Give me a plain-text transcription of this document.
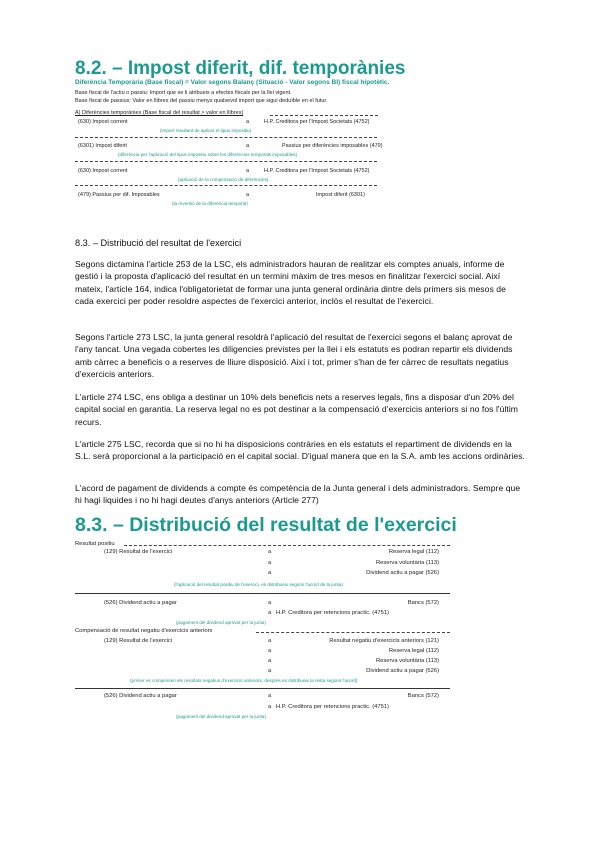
8.2. – Impost diferit, dif. temporànies
Diferència Temporària (Base fiscal) = Valor segons Balanç (Situació - Valor segons BI) fiscal hipotètic.
Base fiscal de l'actiu o passiu: Import que se li atribueix a efectes fiscals per la llei vigent.
Base fiscal de passius: Valor en llibres del passiu menys qualsevol import que sigui deduïble en el futur.
A) Diferències temporànies (Base fiscal del resultat > valor en llibres)
(630) Impost corrent	a	H.P. Creditora per l'Impost Societats (4752)
(import resultant de aplicar el tipus impositiu)
(6301) Impost diferit	a	Passius per diferències imposables (479)
(diferència per l'aplicació del tipus impositiu sobre les diferències temporals imposables)
(630) Impost corrent	a	H.P. Creditora per l'Impost Societats (4752)
(aplicació de la compensació de diferències)
(479) Passius per dif. Imposables	a	Impost diferit (6301)
(la reversió de la diferència temporal)
8.3. – Distribució del resultat de l'exercici
Segons dictamina l'article 253 de la LSC, els administradors hauran de realitzar els comptes anuals, informe de gestió i la proposta d'aplicació del resultat en un termini màxim de tres mesos en finalitzar l'exercici social. Així mateix, l'article 164, indica l'obligatorietat de formar una junta general ordinària dintre dels primers sis mesos de cada exercici per poder resoldre aspectes de l'exercici anterior, inclòs el resultat de l'exercici.
Segons l'article 273 LSC, la junta general resoldrà l'aplicació del resultat de l'exercici segons el balanç aprovat de l'any tancat. Una vegada cobertes les diligencies previstes per la llei i els estatuts es podran repartir els dividends amb càrrec a beneficis o a reserves de lliure disposició. Així i tot, primer s'han de fer càrrec de resultats negatius d'exercicis anteriors.
L'article 274 LSC, ens obliga a destinar un 10% dels beneficis nets a reserves legals, fins a disposar d'un 20% del capital social en garantia. La reserva legal no es pot destinar a la compensació d'exercicis anteriors si no fos l'últim recurs.
L'article 275 LSC, recorda que si no hi ha disposicions contràries en els estatuts el repartiment de dividends en la S.L. serà proporcional a la participació en el capital social. D'igual manera que en la S.A. amb les accions ordinàries.
L'acord de pagament de dividends a compte és competència de la Junta general i dels administradors. Sempre que hi hagi liquides i no hi hagi deutes d'anys anteriors (Article 277)
8.3. – Distribució del resultat de l'exercici
Resultat positiu
(129) Resultat de l'exercici	a	Reserva legal (112)
a	Reserva voluntària (113)
a	Dividend actiu a pagar (526)
(l'aplicació del resultat positiu de l'exercici, es distribueix segons l'acord de la junta)
(526) Dividend actiu a pagar	a	Bancs (572)
a H.P. Creditora per retencions practic. (4751)
(pagament del dividend aprovat per la junta)
Compensació de resultat negatiu d'exercicis anteriors
(129) Resultat de l'exercici	a	Resultat negatiu d'exercicis anteriors (121)
a	Reserva legal (112)
a	Reserva voluntària (113)
a	Dividend actiu a pagar (526)
(primer es compensen els resultats negatius d'exercicis anteriors, després es distribueix la resta segons l'acord)
(526) Dividend actiu a pagar	a	Bancs (572)
a H.P. Creditora per retencions practic. (4751)
(pagament del dividend aprovat per la junta)
